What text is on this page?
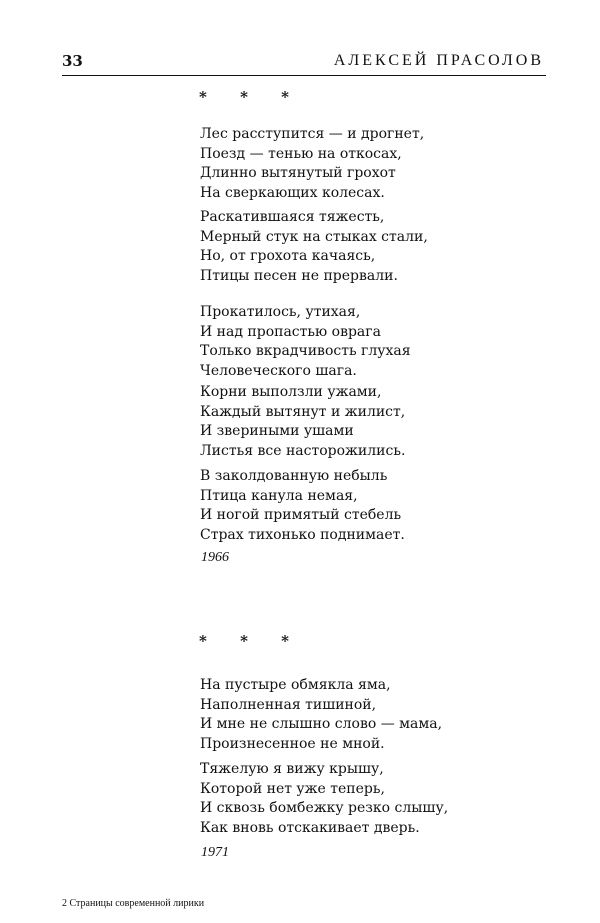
33	АЛЕКСЕЙ ПРАСОЛОВ
* * *
Лес расступится — и дрогнет,
Поезд — тенью на откосах,
Длинно вытянутый грохот
На сверкающих колесах.
Раскатившаяся тяжесть,
Мерный стук на стыках стали,
Но, от грохота качаясь,
Птицы песен не прервали.
Прокатилось, утихая,
И над пропастью оврага
Только вкрадчивость глухая
Человеческого шага.
Корни выползли ужами,
Каждый вытянут и жилист,
И звериными ушами
Листья все насторожились.
В заколдованную небыль
Птица канула немая,
И ногой примятый стебель
Страх тихонько поднимает.
1966
* * *
На пустыре обмякла яма,
Наполненная тишиной,
И мне не слышно слово — мама,
Произнесенное не мной.
Тяжелую я вижу крышу,
Которой нет уже теперь,
И сквозь бомбежку резко слышу,
Как вновь отскакивает дверь.
1971
2 Страницы современной лирики
